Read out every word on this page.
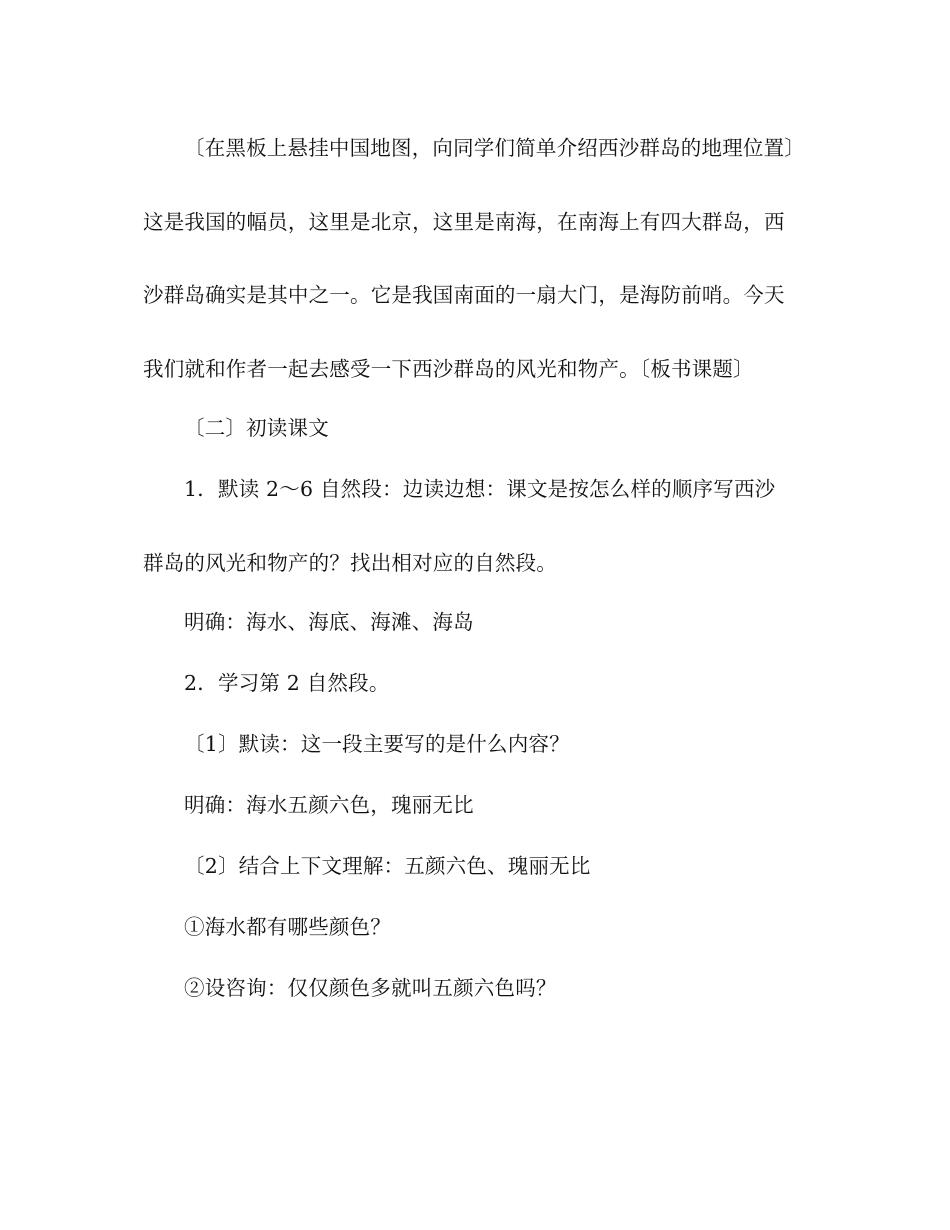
〔在黑板上悬挂中国地图，向同学们简单介绍西沙群岛的地理位置〕这是我国的幅员，这里是北京，这里是南海，在南海上有四大群岛，西沙群岛确实是其中之一。它是我国南面的一扇大门，是海防前哨。今天我们就和作者一起去感受一下西沙群岛的风光和物产。〔板书课题〕

〔二〕初读课文

1．默读 2～6 自然段：边读边想：课文是按怎么样的顺序写西沙群岛的风光和物产的？找出相对应的自然段。

明确：海水、海底、海滩、海岛

2．学习第 2 自然段。

〔1〕默读：这一段主要写的是什么内容？

明确：海水五颜六色，瑰丽无比

〔2〕结合上下文理解：五颜六色、瑰丽无比

①海水都有哪些颜色？

②设咨询：仅仅颜色多就叫五颜六色吗？
